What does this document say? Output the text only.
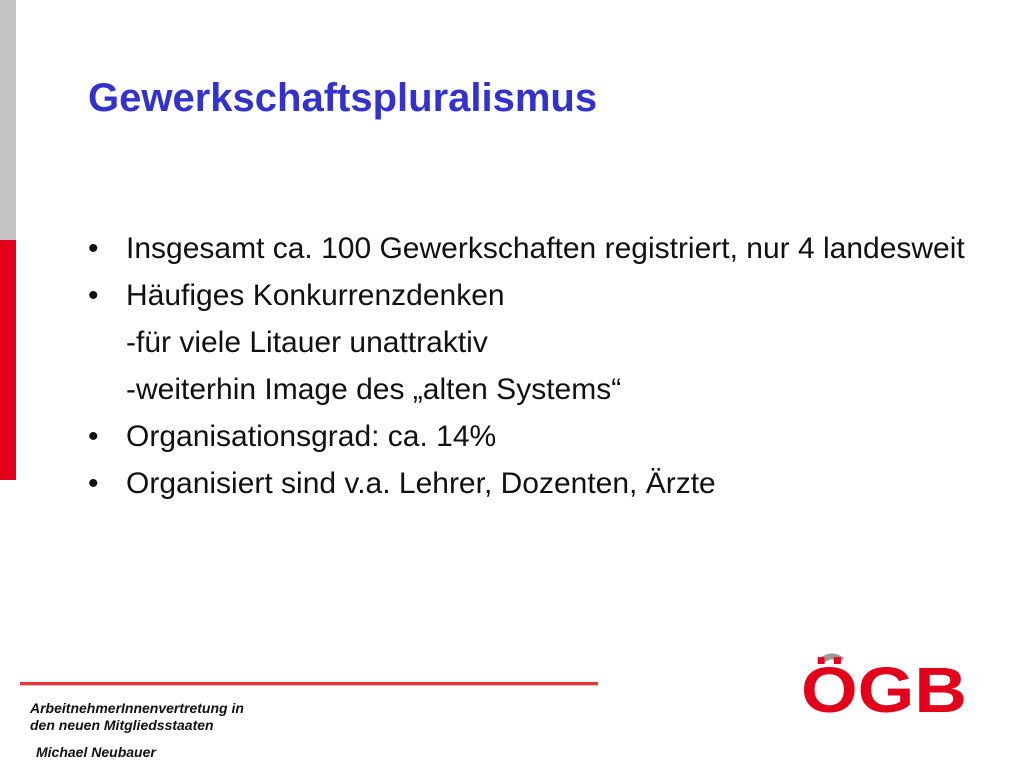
Gewerkschaftspluralismus
• Insgesamt ca. 100 Gewerkschaften registriert, nur 4 landesweit
• Häufiges Konkurrenzdenken
-für viele Litauer unattraktiv
-weiterhin Image des „alten Systems“
• Organisationsgrad: ca. 14%
• Organisiert sind v.a. Lehrer, Dozenten, Ärzte
ArbeitnehmerInnenvertretung in
den neuen Mitgliedsstaaten
Michael Neubauer
ÖGB
